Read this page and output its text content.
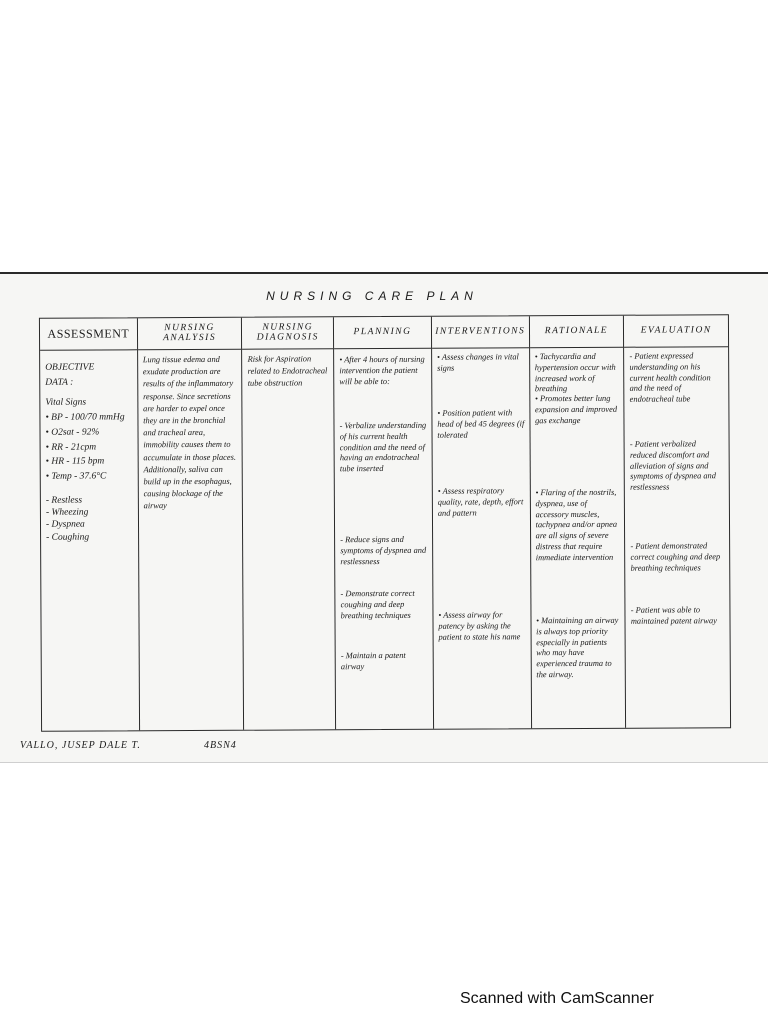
NURSING CARE PLAN
ASSESSMENT

OBJECTIVE
DATA :

Vital Signs

• BP - 100/70 mmHg

• O2sat - 92%

• RR - 21cpm

• HR - 115 bpm

• Temp - 37.6°C

- Restless

- Wheezing

- Dyspnea

- Coughing

NURSING
ANALYSIS

Lung tissue edema and exudate production are results of the inflammatory response. Since secretions are harder to expel once they are in the bronchial and tracheal area, immobility causes them to accumulate in those places. Additionally, saliva can build up in the esophagus, causing blockage of the airway

NURSING
DIAGNOSIS

Risk for Aspiration related to Endotracheal tube obstruction

PLANNING

• After 4 hours of nursing intervention the patient will be able to:

- Verbalize understanding of his current health condition and the need of having an endotracheal tube inserted

- Reduce signs and symptoms of dyspnea and restlessness

- Demonstrate correct coughing and deep breathing techniques

- Maintain a patent airway

INTERVENTIONS

• Assess changes in vital signs

• Position patient with head of bed 45 degrees (if tolerated

• Assess respiratory quality, rate, depth, effort and pattern

• Assess airway for patency by asking the patient to state his name

RATIONALE

• Tachycardia and hypertension occur with increased work of breathing

• Promotes better lung expansion and improved gas exchange

• Flaring of the nostrils, dyspnea, use of accessory muscles, tachypnea and/or apnea are all signs of severe distress that require immediate intervention

• Maintaining an airway is always top priority especially in patients who may have experienced trauma to the airway.

EVALUATION

- Patient expressed understanding on his current health condition and the need of endotracheal tube

- Patient verbalized reduced discomfort and alleviation of signs and symptoms of dyspnea and restlessness

- Patient demonstrated correct coughing and deep breathing techniques

- Patient was able to maintained patent airway

VALLO, JUSEP DALE T.	4BSN4
Scanned with CamScanner
